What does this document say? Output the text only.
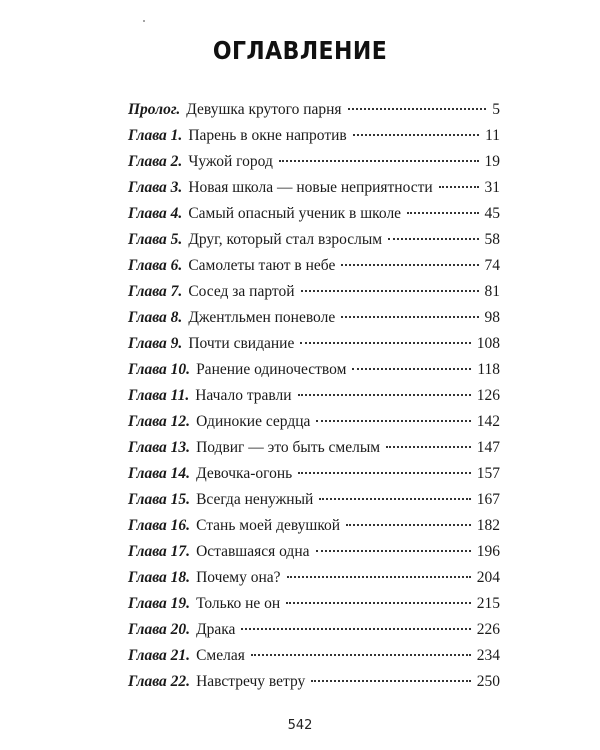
ОГЛАВЛЕНИЕ
Пролог. Девушка крутого парня	5
Глава 1. Парень в окне напротив	11
Глава 2. Чужой город	19
Глава 3. Новая школа — новые неприятности	31
Глава 4. Самый опасный ученик в школе	45
Глава 5. Друг, который стал взрослым	58
Глава 6. Самолеты тают в небе	74
Глава 7. Сосед за партой	81
Глава 8. Джентльмен поневоле	98
Глава 9. Почти свидание	108
Глава 10. Ранение одиночеством	118
Глава 11. Начало травли	126
Глава 12. Одинокие сердца	142
Глава 13. Подвиг — это быть смелым	147
Глава 14. Девочка-огонь	157
Глава 15. Всегда ненужный	167
Глава 16. Стань моей девушкой	182
Глава 17. Оставшаяся одна	196
Глава 18. Почему она?	204
Глава 19. Только не он	215
Глава 20. Драка	226
Глава 21. Смелая	234
Глава 22. Навстречу ветру	250
542
